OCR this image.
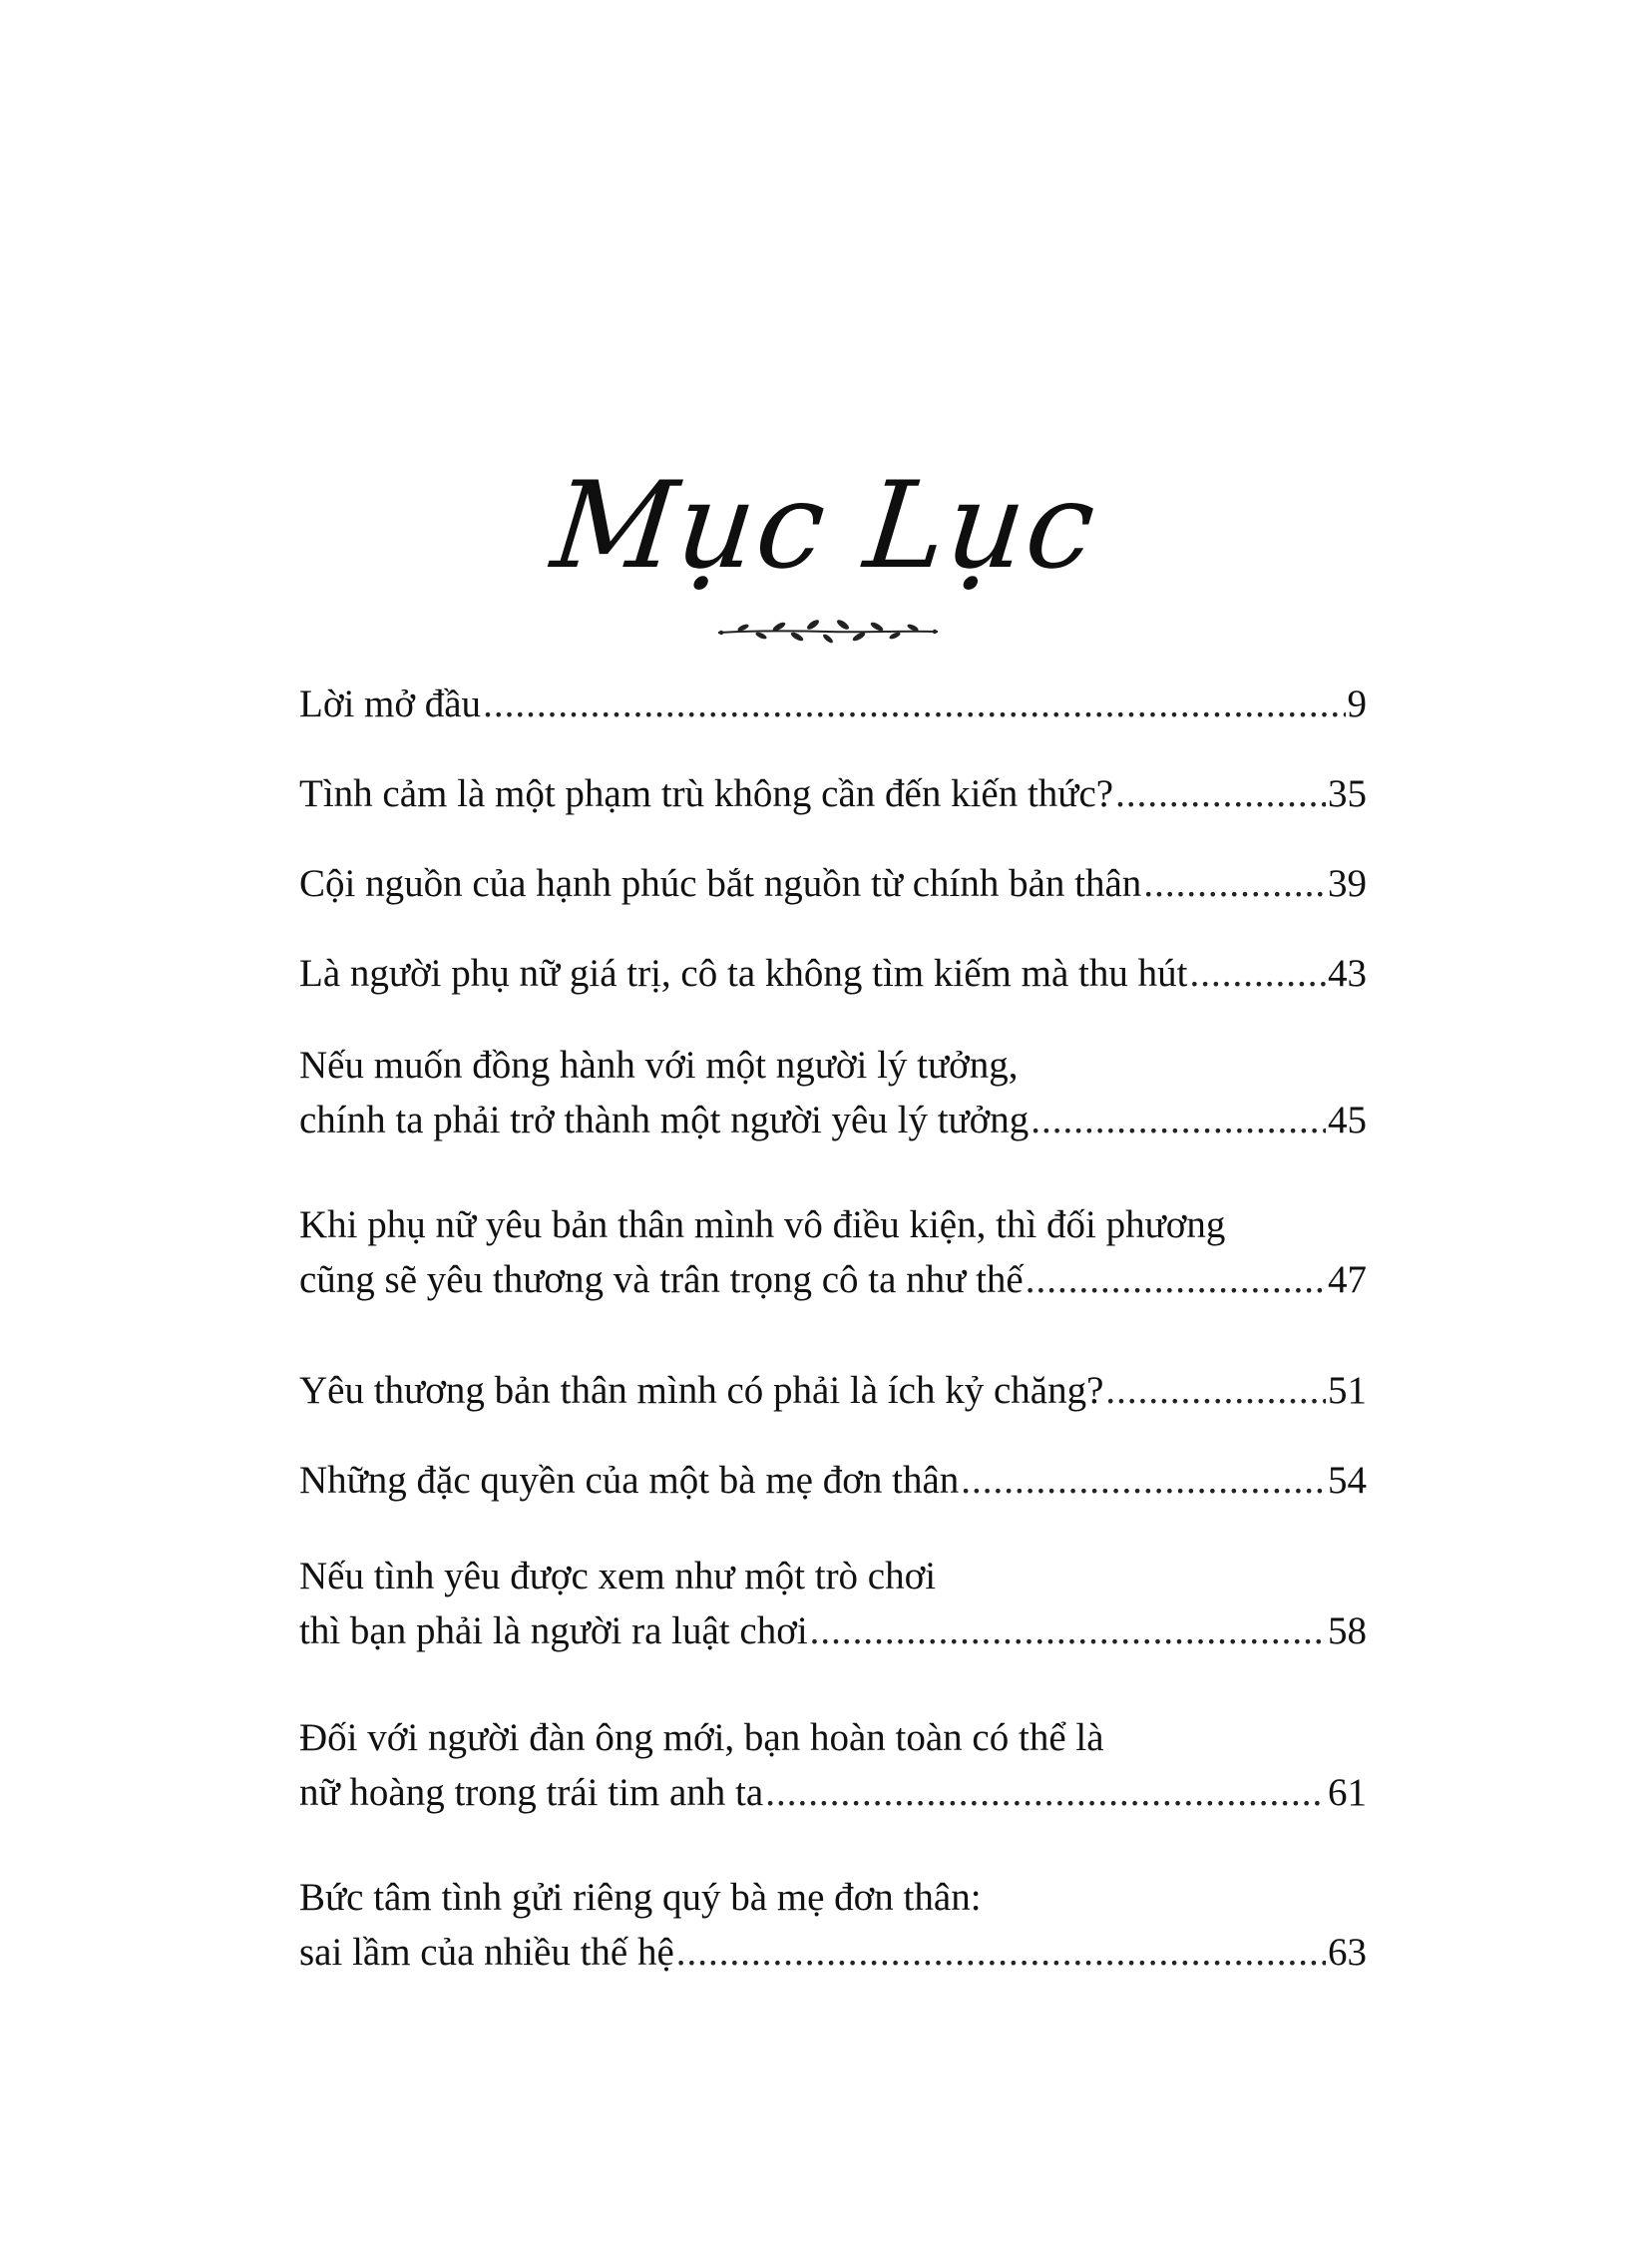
Mục Lục
Lời mở đầu .....	9
Tình cảm là một phạm trù không cần đến kiến thức? .....	35
Cội nguồn của hạnh phúc bắt nguồn từ chính bản thân .....	39
Là người phụ nữ giá trị, cô ta không tìm kiếm mà thu hút .....	43
Nếu muốn đồng hành với một người lý tưởng,
chính ta phải trở thành một người yêu lý tưởng .....	45
Khi phụ nữ yêu bản thân mình vô điều kiện, thì đối phương
cũng sẽ yêu thương và trân trọng cô ta như thế .....	47
Yêu thương bản thân mình có phải là ích kỷ chăng? .....	51
Những đặc quyền của một bà mẹ đơn thân .....	54
Nếu tình yêu được xem như một trò chơi
thì bạn phải là người ra luật chơi .....	58
Đối với người đàn ông mới, bạn hoàn toàn có thể là
nữ hoàng trong trái tim anh ta .....	61
Bức tâm tình gửi riêng quý bà mẹ đơn thân:
sai lầm của nhiều thế hệ .....	63
